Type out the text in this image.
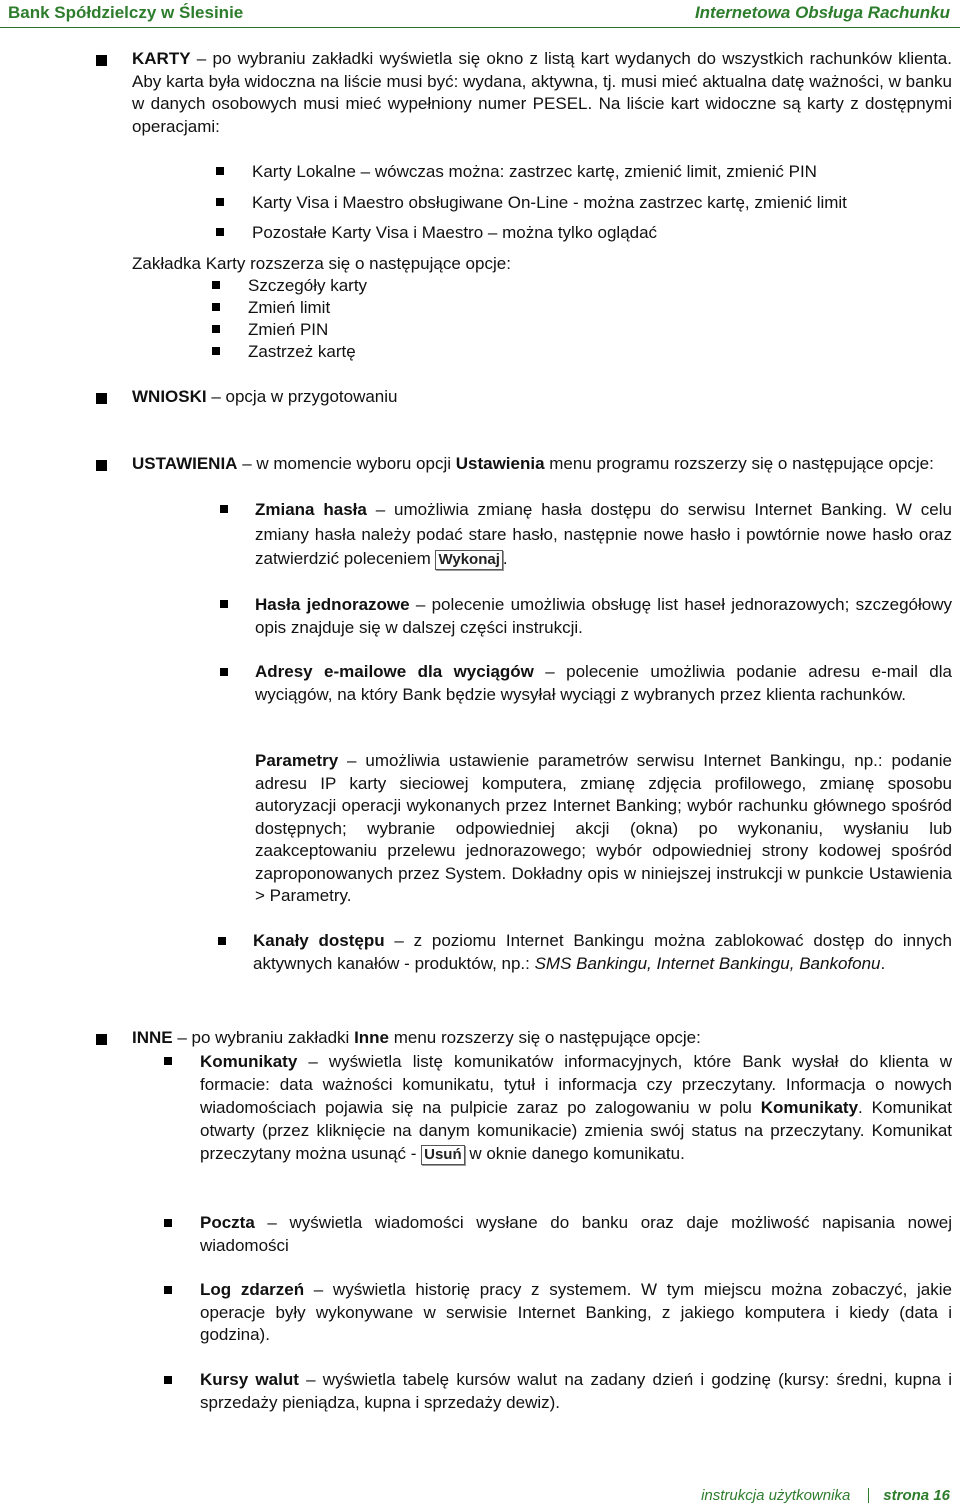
Bank Spółdzielczy w Ślesinie	Internetowa Obsługa Rachunku
KARTY – po wybraniu zakładki wyświetla się okno z listą kart wydanych do wszystkich rachunków klienta. Aby karta była widoczna na liście musi być: wydana, aktywna, tj. musi mieć aktualna datę ważności, w banku w danych osobowych musi mieć wypełniony numer PESEL. Na liście kart widoczne są karty z dostępnymi operacjami:
Karty Lokalne – wówczas można: zastrzec kartę, zmienić limit, zmienić PIN
Karty Visa i Maestro obsługiwane On-Line - można zastrzec kartę, zmienić limit
Pozostałe Karty Visa i Maestro – można tylko oglądać
Zakładka Karty rozszerza się o następujące opcje:
Szczegóły karty
Zmień limit
Zmień PIN
Zastrzeż kartę
WNIOSKI – opcja w przygotowaniu
USTAWIENIA – w momencie wyboru opcji Ustawienia menu programu rozszerzy się o następujące opcje:
Zmiana hasła – umożliwia zmianę hasła dostępu do serwisu Internet Banking. W celu zmiany hasła należy podać stare hasło, następnie nowe hasło i powtórnie nowe hasło oraz zatwierdzić poleceniem Wykonaj .
Hasła jednorazowe – polecenie umożliwia obsługę list haseł jednorazowych; szczegółowy opis znajduje się w dalszej części instrukcji.
Adresy e-mailowe dla wyciągów – polecenie umożliwia podanie adresu e-mail dla wyciągów, na który Bank będzie wysyłał wyciągi z wybranych przez klienta rachunków.
Parametry – umożliwia ustawienie parametrów serwisu Internet Bankingu, np.: podanie adresu IP karty sieciowej komputera, zmianę zdjęcia profilowego, zmianę sposobu autoryzacji operacji wykonanych przez Internet Banking; wybór rachunku głównego spośród dostępnych; wybranie odpowiedniej akcji (okna) po wykonaniu, wysłaniu lub zaakceptowaniu przelewu jednorazowego; wybór odpowiedniej strony kodowej spośród zaproponowanych przez System. Dokładny opis w niniejszej instrukcji w punkcie Ustawienia > Parametry.
Kanały dostępu – z poziomu Internet Bankingu można zablokować dostęp do innych aktywnych kanałów - produktów, np.: SMS Bankingu, Internet Bankingu, Bankofonu.
INNE – po wybraniu zakładki Inne menu rozszerzy się o następujące opcje:
Komunikaty – wyświetla listę komunikatów informacyjnych, które Bank wysłał do klienta w formacie: data ważności komunikatu, tytuł i informacja czy przeczytany. Informacja o nowych wiadomościach pojawia się na pulpicie zaraz po zalogowaniu w polu Komunikaty. Komunikat otwarty (przez kliknięcie na danym komunikacie) zmienia swój status na przeczytany. Komunikat przeczytany można usunąć - Usuń w oknie danego komunikatu.
Poczta – wyświetla wiadomości wysłane do banku oraz daje możliwość napisania nowej wiadomości
Log zdarzeń – wyświetla historię pracy z systemem. W tym miejscu można zobaczyć, jakie operacje były wykonywane w serwisie Internet Banking, z jakiego komputera i kiedy (data i godzina).
Kursy walut – wyświetla tabelę kursów walut na zadany dzień i godzinę (kursy: średni, kupna i sprzedaży pieniądza, kupna i sprzedaży dewiz).
instrukcja użytkownika strona 16
